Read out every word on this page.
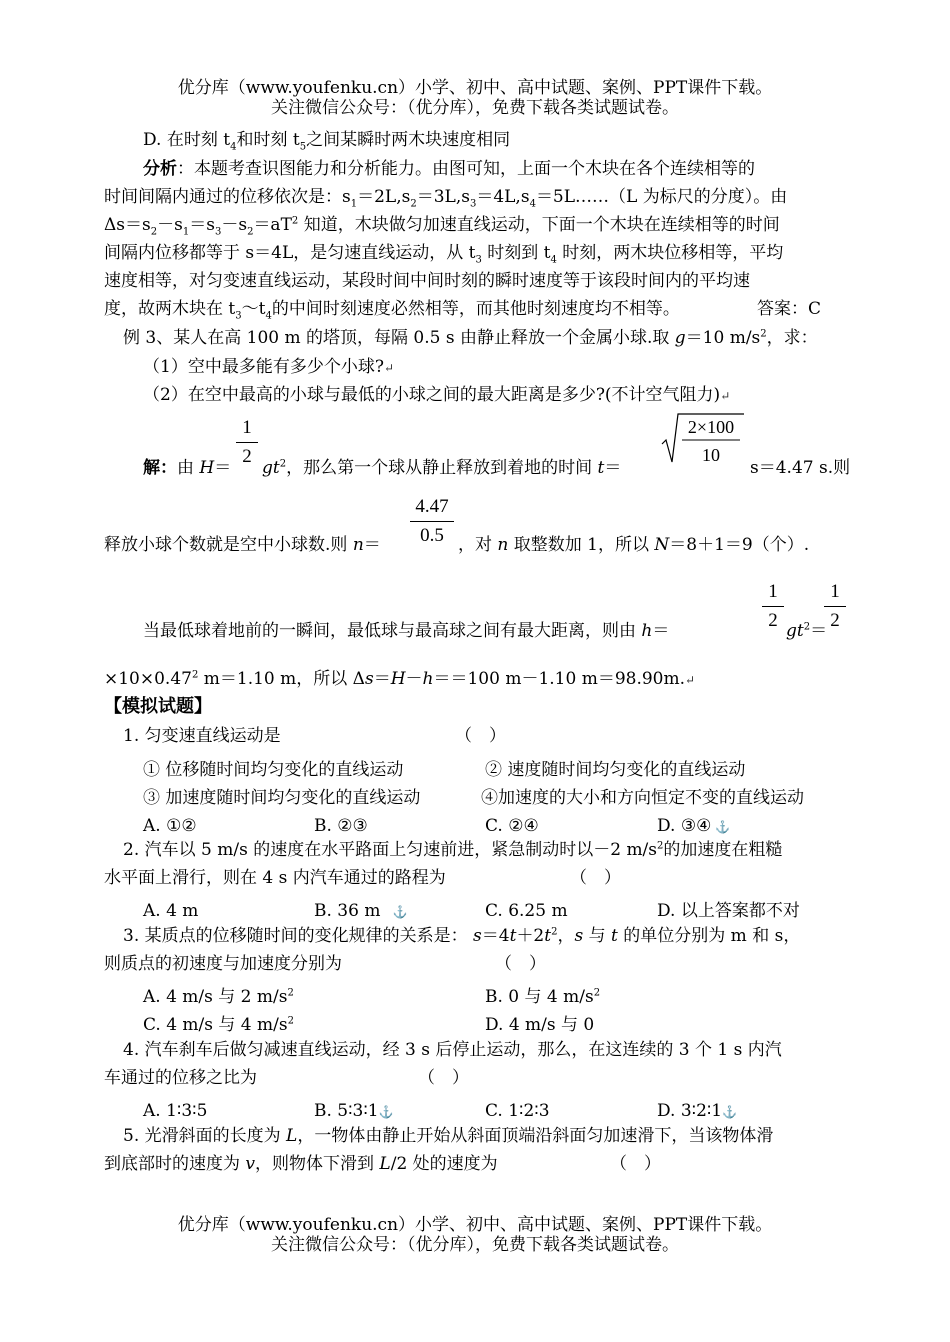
优分库（www.youfenku.cn）小学、初中、高中试题、案例、PPT课件下载。
关注微信公众号：（优分库），免费下载各类试题试卷。
D. 在时刻 $t_4$和时刻 $t_5$之间某瞬时两木块速度相同
分析：本题考查识图能力和分析能力。由图可知，上面一个木块在各个连续相等的
时间间隔内通过的位移依次是：$s_1=2L,s_2=3L,s_3=4L,s_4=5L\dots\dots(L$ 为标尺的分度）。由
$\Delta s=s_2-s_1=s_3-s_2=aT^2$ 知道，木块做匀加速直线运动，下面一个木块在连续相等的时间
间隔内位移都等于 s＝4L，是匀速直线运动，从 $t_3$ 时刻到 $t_4$ 时刻，两木块位移相等，平均
速度相等，对匀变速直线运动，某段时间中间时刻的瞬时速度等于该段时间内的平均速
度，故两木块在 $t_3\sim t_4$的中间时刻速度必然相等，而其他时刻速度均不相等。	答案：C
例 3、某人在高 100 m 的塔顶，每隔 0.5 s 由静止释放一个金属小球.取 g＝10 $m/s^2$，求：
（1）空中最多能有多少个小球?↵
（2）在空中最高的小球与最低的小球之间的最大距离是多少?(不计空气阻力)↵
解：由 H＝
1
2
$gt^2$，那么第一个球从静止释放到着地的时间 t＝
2×100
10
s＝4.47 s.则
释放小球个数就是空中小球数.则 n＝
4.47
0.5 ，对 n 取整数加 1，所以 N＝8＋1＝9（个）.
当最低球着地前的一瞬间，最低球与最高球之间有最大距离，则由 h＝
1
2 $gt^2=$
1
2
$\times 10\times 0.47^2$ m＝1.10 m，所以 Δs＝H－h＝＝100 m－1.10 m＝98.90m.↵
【模拟试题】
1. 匀变速直线运动是	（　）
① 位移随时间均匀变化的直线运动	② 速度随时间均匀变化的直线运动
③ 加速度随时间均匀变化的直线运动	④加速度的大小和方向恒定不变的直线运动
A. ①②	B. ②③	C. ②④	D. ③④ ⚓
2. 汽车以 5 m/s 的速度在水平路面上匀速前进，紧急制动时以－2 $m/s^2$的加速度在粗糙
水平面上滑行，则在 4 s 内汽车通过的路程为	（　）
A. 4 m	B. 36 m　⚓	C. 6.25 m	D. 以上答案都不对
3. 某质点的位移随时间的变化规律的关系是： $s=4t+2t^2$，s 与 t 的单位分别为 m 和 s，
则质点的初速度与加速度分别为	（　）
A. 4 m/s 与 2 $m/s^2$	B. 0 与 4 $m/s^2$
C. 4 m/s 与 4 $m/s^2$	D. 4 m/s 与 0
4. 汽车刹车后做匀减速直线运动，经 3 s 后停止运动，那么，在这连续的 3 个 1 s 内汽
车通过的位移之比为	（　）
A. 1∶3∶5	B. 5∶3∶1⚓	C. 1∶2∶3	D. 3∶2∶1⚓
5. 光滑斜面的长度为 L，一物体由静止开始从斜面顶端沿斜面匀加速滑下，当该物体滑
到底部时的速度为 v，则物体下滑到 L/2 处的速度为	（　）
优分库（www.youfenku.cn）小学、初中、高中试题、案例、PPT课件下载。
关注微信公众号：（优分库），免费下载各类试题试卷。
